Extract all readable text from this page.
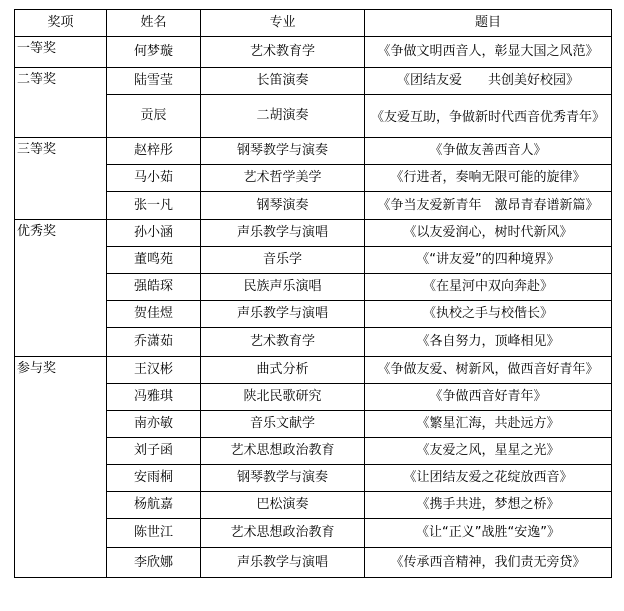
奖项	姓名	专业	题目
一等奖	何梦璇	艺术教育学	《争做文明西音人，彰显大国之风范》
二等奖	陆雪莹	长笛演奏	《团结友爱　　共创美好校园》
	贡辰	二胡演奏	《友爱互助，争做新时代西音优秀青年》
三等奖	赵梓彤	钢琴教学与演奏	《争做友善西音人》
	马小茹	艺术哲学美学	《行进者，奏响无限可能的旋律》
	张一凡	钢琴演奏	《争当友爱新青年　激昂青春谱新篇》
优秀奖	孙小涵	声乐教学与演唱	《以友爱润心，树时代新风》
	董鸣苑	音乐学	《“讲友爱”的四种境界》
	强皓琛	民族声乐演唱	《在星河中双向奔赴》
	贺佳煜	声乐教学与演唱	《执校之手与校偕长》
	乔潇茹	艺术教育学	《各自努力，顶峰相见》
参与奖	王汉彬	曲式分析	《争做友爱、树新风，做西音好青年》
	冯雅琪	陕北民歌研究	《争做西音好青年》
	南亦敏	音乐文献学	《繁星汇海，共赴远方》
	刘子函	艺术思想政治教育	《友爱之风，星星之光》
	安雨桐	钢琴教学与演奏	《让团结友爱之花绽放西音》
	杨航嘉	巴松演奏	《携手共进，梦想之桥》
	陈世江	艺术思想政治教育	《让“正义”战胜“安逸”》
	李欣娜	声乐教学与演唱	《传承西音精神，我们责无旁贷》
